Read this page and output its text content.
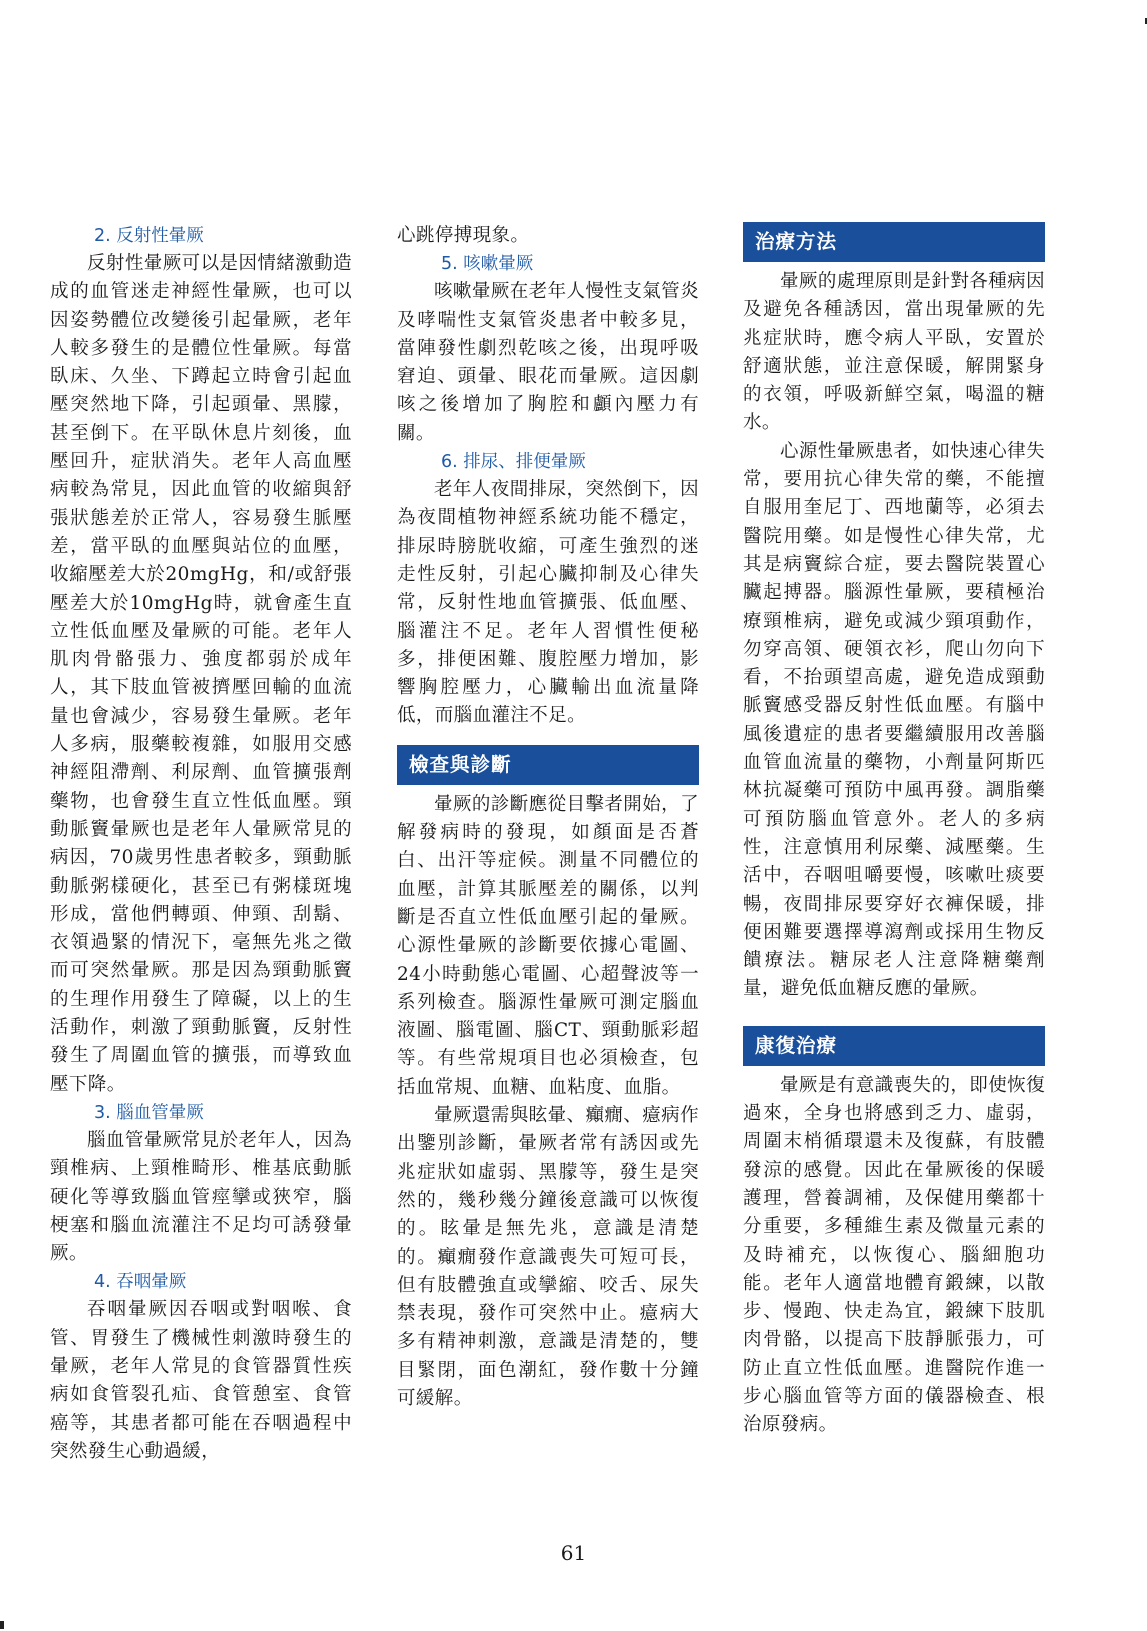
2. 反射性暈厥

反射性暈厥可以是因情緒激動造成的血管迷走神經性暈厥，也可以因姿勢體位改變後引起暈厥，老年人較多發生的是體位性暈厥。每當臥床、久坐、下蹲起立時會引起血壓突然地下降，引起頭暈、黑朦，甚至倒下。在平臥休息片刻後，血壓回升，症狀消失。老年人高血壓病較為常見，因此血管的收縮與舒張狀態差於正常人，容易發生脈壓差，當平臥的血壓與站位的血壓，收縮壓差大於20mgHg，和/或舒張壓差大於10mgHg時，就會產生直立性低血壓及暈厥的可能。老年人肌肉骨骼張力、強度都弱於成年人，其下肢血管被擠壓回輸的血流量也會減少，容易發生暈厥。老年人多病，服藥較複雜，如服用交感神經阻滯劑、利尿劑、血管擴張劑藥物，也會發生直立性低血壓。頸動脈竇暈厥也是老年人暈厥常見的病因，70歲男性患者較多，頸動脈動脈粥樣硬化，甚至已有粥樣斑塊形成，當他們轉頭、伸頸、刮鬍、衣領過緊的情況下，毫無先兆之徵而可突然暈厥。那是因為頸動脈竇的生理作用發生了障礙，以上的生活動作，刺激了頸動脈竇，反射性發生了周圍血管的擴張，而導致血壓下降。

3. 腦血管暈厥

腦血管暈厥常見於老年人，因為頸椎病、上頸椎畸形、椎基底動脈硬化等導致腦血管痙攣或狹窄，腦梗塞和腦血流灌注不足均可誘發暈厥。

4. 吞咽暈厥

吞咽暈厥因吞咽或對咽喉、食管、胃發生了機械性刺激時發生的暈厥，老年人常見的食管器質性疾病如食管裂孔疝、食管憩室、食管癌等，其患者都可能在吞咽過程中突然發生心動過緩，

心跳停搏現象。

5. 咳嗽暈厥

咳嗽暈厥在老年人慢性支氣管炎及哮喘性支氣管炎患者中較多見，當陣發性劇烈乾咳之後，出現呼吸窘迫、頭暈、眼花而暈厥。這因劇咳之後增加了胸腔和顱內壓力有關。

6. 排尿、排便暈厥

老年人夜間排尿，突然倒下，因為夜間植物神經系統功能不穩定，排尿時膀胱收縮，可產生強烈的迷走性反射，引起心臟抑制及心律失常，反射性地血管擴張、低血壓、腦灌注不足。老年人習慣性便秘多，排便困難、腹腔壓力增加，影響胸腔壓力，心臟輸出血流量降低，而腦血灌注不足。

檢查與診斷

暈厥的診斷應從目擊者開始，了解發病時的發現，如顏面是否蒼白、出汗等症候。測量不同體位的血壓，計算其脈壓差的關係，以判斷是否直立性低血壓引起的暈厥。心源性暈厥的診斷要依據心電圖、24小時動態心電圖、心超聲波等一系列檢查。腦源性暈厥可測定腦血液圖、腦電圖、腦CT、頸動脈彩超等。有些常規項目也必須檢查，包括血常規、血糖、血粘度、血脂。

暈厥還需與眩暈、癲癇、癔病作出鑒別診斷，暈厥者常有誘因或先兆症狀如虛弱、黑朦等，發生是突然的，幾秒幾分鐘後意識可以恢復的。眩暈是無先兆，意識是清楚的。癲癇發作意識喪失可短可長，但有肢體強直或攣縮、咬舌、尿失禁表現，發作可突然中止。癔病大多有精神刺激，意識是清楚的，雙目緊閉，面色潮紅，發作數十分鐘可緩解。

治療方法

暈厥的處理原則是針對各種病因及避免各種誘因，當出現暈厥的先兆症狀時，應令病人平臥，安置於舒適狀態，並注意保暖，解開緊身的衣領，呼吸新鮮空氣，喝溫的糖水。

心源性暈厥患者，如快速心律失常，要用抗心律失常的藥，不能擅自服用奎尼丁、西地蘭等，必須去醫院用藥。如是慢性心律失常，尤其是病竇綜合症，要去醫院裝置心臟起搏器。腦源性暈厥，要積極治療頸椎病，避免或減少頸項動作，勿穿高領、硬領衣衫，爬山勿向下看，不抬頭望高處，避免造成頸動脈竇感受器反射性低血壓。有腦中風後遺症的患者要繼續服用改善腦血管血流量的藥物，小劑量阿斯匹林抗凝藥可預防中風再發。調脂藥可預防腦血管意外。老人的多病性，注意慎用利尿藥、減壓藥。生活中，吞咽咀嚼要慢，咳嗽吐痰要暢，夜間排尿要穿好衣褲保暖，排便困難要選擇導瀉劑或採用生物反饋療法。糖尿老人注意降糖藥劑量，避免低血糖反應的暈厥。

康復治療

暈厥是有意識喪失的，即使恢復過來，全身也將感到乏力、虛弱，周圍末梢循環還未及復蘇，有肢體發涼的感覺。因此在暈厥後的保暖護理，營養調補，及保健用藥都十分重要，多種維生素及微量元素的及時補充，以恢復心、腦細胞功能。老年人適當地體育鍛練，以散步、慢跑、快走為宜，鍛練下肢肌肉骨骼，以提高下肢靜脈張力，可防止直立性低血壓。進醫院作進一步心腦血管等方面的儀器檢查、根治原發病。

61
